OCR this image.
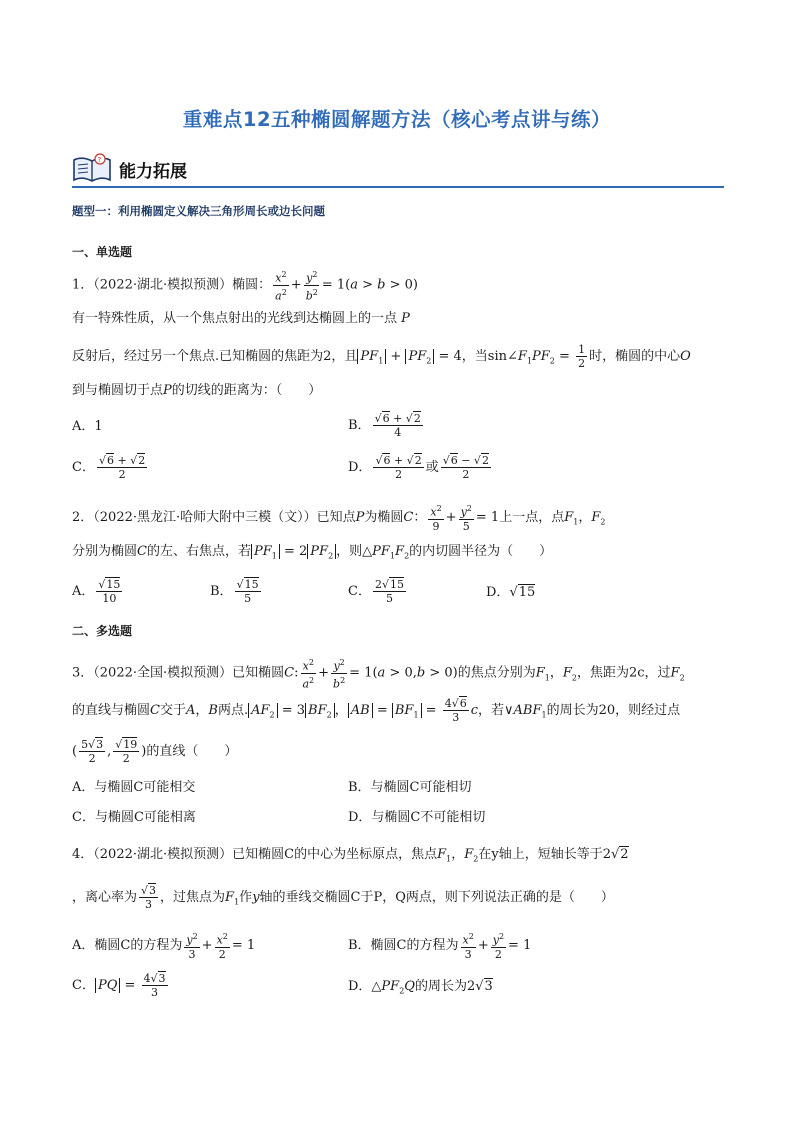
重难点12五种椭圆解题方法（核心考点讲与练）
?
能力拓展
题型一：利用椭圆定义解决三角形周长或边长问题
一、单选题
1．（2022·湖北·模拟预测）椭圆： $\frac{x^2}{a^2} + \frac{y^2}{b^2} = 1(a > b > 0)$
有一特殊性质，从一个焦点射出的光线到达椭圆上的一点 P
反射后，经过另一个焦点.已知椭圆的焦距为2，且 $PF_1 + PF_2 = 4$，当$\sin\angle F_1PF_2 = \frac{1}{2}$ 时，椭圆的中心O
到与椭圆切于点P的切线的距离为：（　　）
A．1	B． $\frac{√6 + √2}{4}$
C． $\frac{√6 + √2}{2}$	D． $\frac{√6 + √2}{2}$ 或 $\frac{√6 - √2}{2}$
2．（2022·黑龙江·哈师大附中三模（文））已知点P为椭圆C： $\frac{x^2}{9} + \frac{y^2}{5} = 1$上一点，点$F_1$，$F_2$
分别为椭圆C的左、右焦点，若 $PF_1 = 2$ $PF_2$ ，则$\triangle PF_1F_2$的内切圆半径为（　　）
A． $\frac{√15}{10}$	B． $\frac{√15}{5}$	C． $\frac{2√15}{5}$	D．√15
二、多选题
3．（2022·全国·模拟预测）已知椭圆C: $\frac{x^2}{a^2} + \frac{y^2}{b^2} = 1(a > 0,b > 0)$的焦点分别为$F_1$，$F_2$，焦距为2c，过$F_2$
的直线与椭圆C交于A，B两点. $AF_2 = 3$ $BF_2$ ， AB = $BF_1 = \frac{4√6}{3}$ c，若$\vee ABF_1$的周长为20，则经过点
( $\frac{5√3}{2}$ , $\frac{√19}{2}$ )的直线（　　）
A．与椭圆C可能相交	B．与椭圆C可能相切
C．与椭圆C可能相离	D．与椭圆C不可能相切
4．（2022·湖北·模拟预测）已知椭圆C的中心为坐标原点，焦点$F_1$，$F_2$在y轴上，短轴长等于2√2
，离心率为 $\frac{√3}{3}$ ，过焦点为$F_1$作y轴的垂线交椭圆C于P，Q两点，则下列说法正确的是（　　）
A．椭圆C的方程为 $\frac{y^2}{3} + \frac{x^2}{2} = 1$	B．椭圆C的方程为 $\frac{x^2}{3} + \frac{y^2}{2} = 1$
C． PQ = $\frac{4√3}{3}$	D．$\triangle PF_2Q$的周长为2√3
